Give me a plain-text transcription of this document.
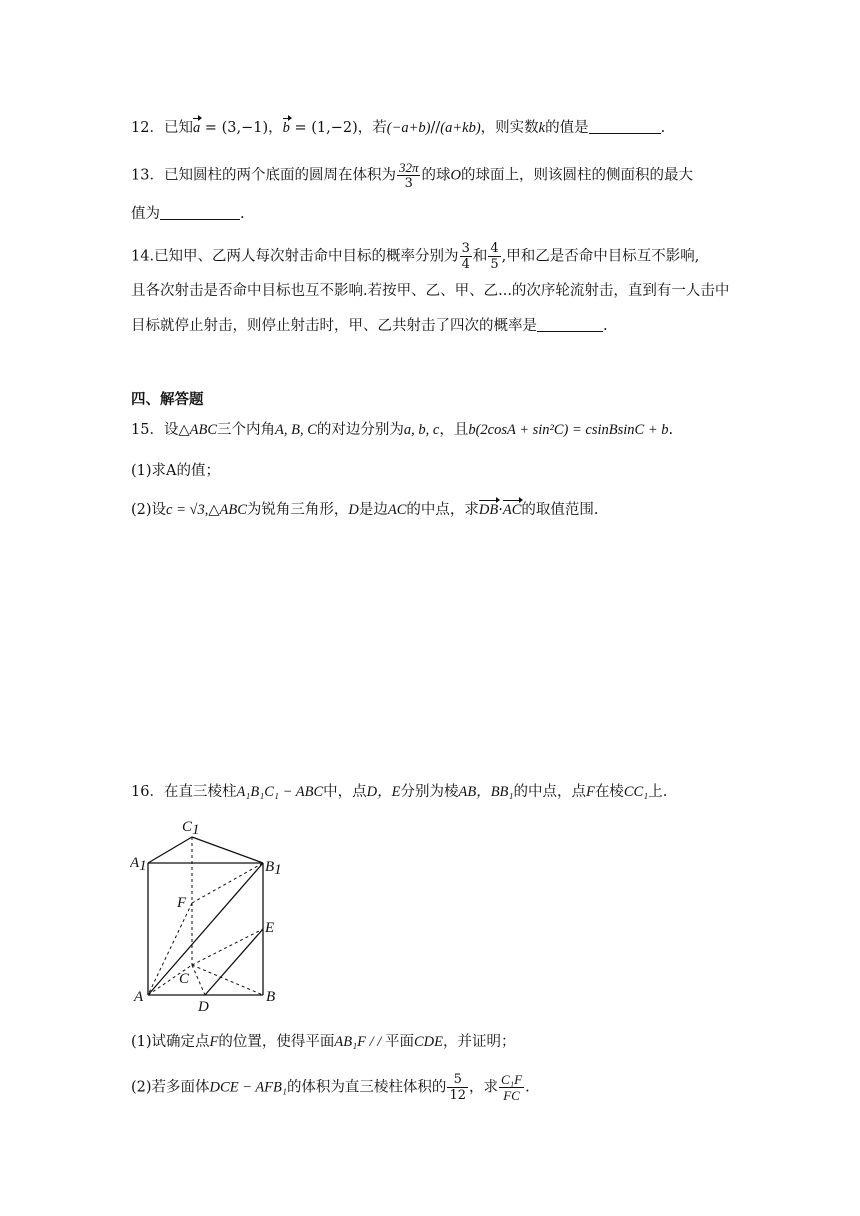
12．已知a = (3,−1)，b = (1,−2)，若(−a+b)//(a+kb)，则实数k的值是	.
13．已知圆柱的两个底面的圆周在体积为 $\frac{32\pi}{3}$ 的球O的球面上，则该圆柱的侧面积的最大
值为	.
14.已知甲、乙两人每次射击命中目标的概率分别为 $\frac{3}{4}$ 和 $\frac{4}{5}$ ,甲和乙是否命中目标互不影响,
且各次射击是否命中目标也互不影响.若按甲、乙、甲、乙...的次序轮流射击，直到有一人击中
目标就停止射击，则停止射击时，甲、乙共射击了四次的概率是	.
四、解答题
15．设△ABC三个内角A, B, C的对边分别为a, b, c，且b(2cosA + sin²C) = csinBsinC + b.
(1)求A的值；
(2)设c = √3,△ABC为锐角三角形，D是边AC的中点，求DB·AC的取值范围.
16．在直三棱柱A₁B₁C₁ − ABC中，点D，E分别为棱AB，BB₁的中点，点F在棱CC₁上.
C1
A1	B1
F
E
C
A
D
B
(1)试确定点F的位置，使得平面AB₁F / / 平面CDE，并证明；
(2)若多面体DCE − AFB₁的体积为直三棱柱体积的 $\frac{5}{12}$ ，求 $\frac{\text{C₁F}}{FC}$ .
